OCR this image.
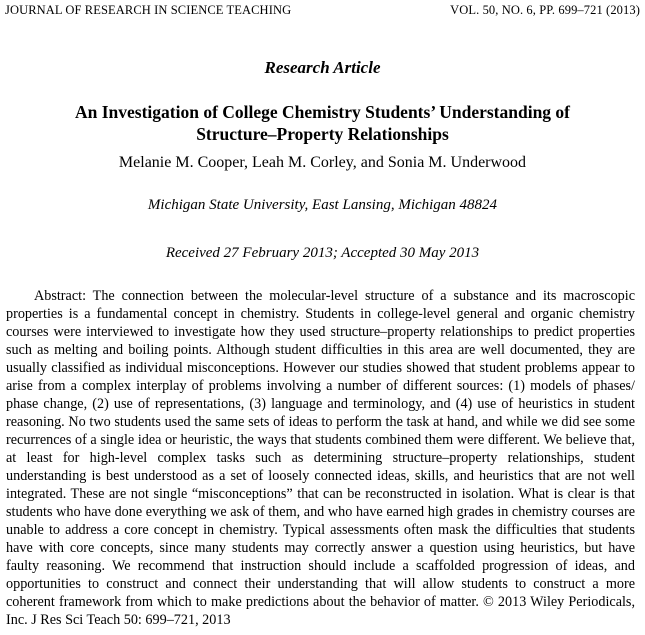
JOURNAL OF RESEARCH IN SCIENCE TEACHING	VOL. 50, NO. 6, PP. 699–721 (2013)
Research Article
An Investigation of College Chemistry Students’ Understanding of
Structure–Property Relationships
Melanie M. Cooper, Leah M. Corley, and Sonia M. Underwood
Michigan State University, East Lansing, Michigan 48824
Received 27 February 2013; Accepted 30 May 2013
Abstract: The connection between the molecular-level structure of a substance and its macroscopic properties is a fundamental concept in chemistry. Students in college-level general and organic chemistry courses were interviewed to investigate how they used structure–property relationships to predict properties such as melting and boiling points. Although student difficulties in this area are well documented, they are usually classified as individual misconceptions. However our studies showed that student problems appear to arise from a complex interplay of problems involving a number of different sources: (1) models of phases/ phase change, (2) use of representations, (3) language and terminology, and (4) use of heuristics in student reasoning. No two students used the same sets of ideas to perform the task at hand, and while we did see some recurrences of a single idea or heuristic, the ways that students combined them were different. We believe that, at least for high-level complex tasks such as determining structure–property relationships, student understanding is best understood as a set of loosely connected ideas, skills, and heuristics that are not well integrated. These are not single “misconceptions” that can be reconstructed in isolation. What is clear is that students who have done everything we ask of them, and who have earned high grades in chemistry courses are unable to address a core concept in chemistry. Typical assessments often mask the difficulties that students have with core concepts, since many students may correctly answer a question using heuristics, but have faulty reasoning. We recommend that instruction should include a scaffolded progression of ideas, and opportunities to construct and connect their understanding that will allow students to construct a more coherent framework from which to make predictions about the behavior of matter. © 2013 Wiley Periodicals, Inc. J Res Sci Teach 50: 699–721, 2013
